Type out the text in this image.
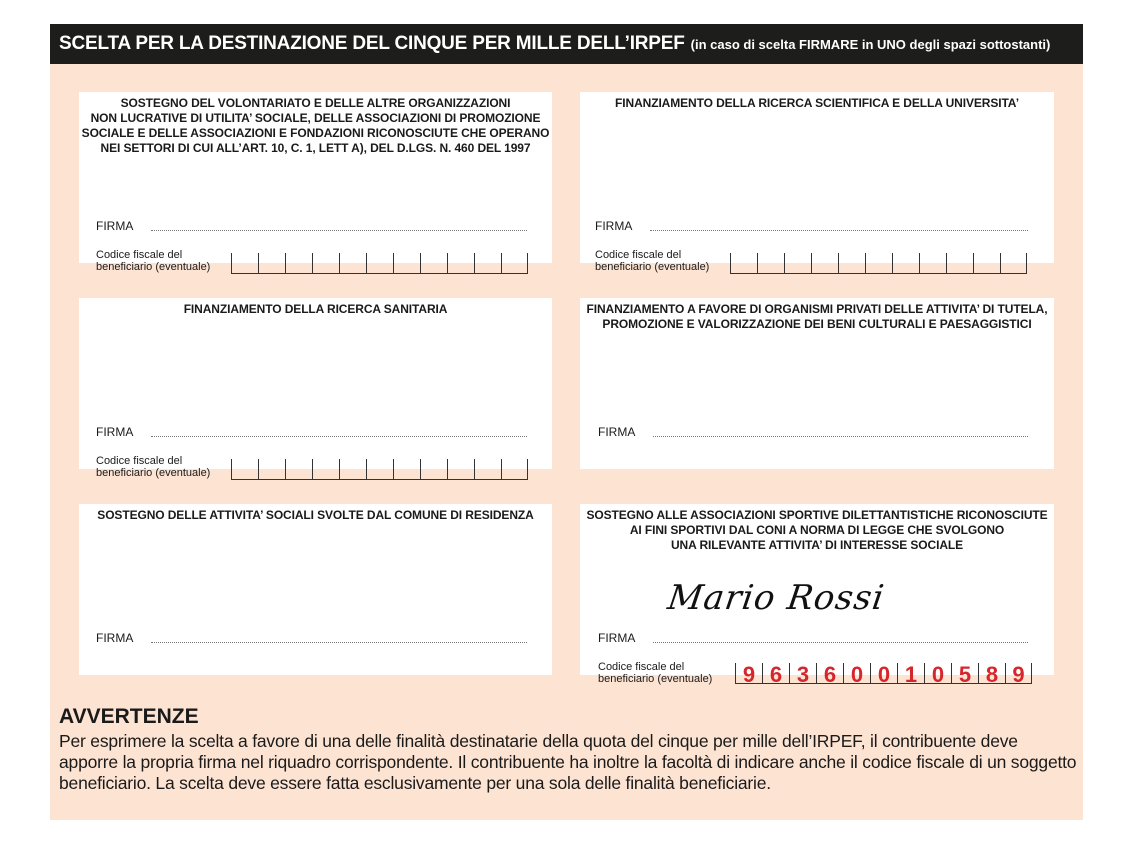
SCELTA PER LA DESTINAZIONE DEL CINQUE PER MILLE DELL’IRPEF (in caso di scelta FIRMARE in UNO degli spazi sottostanti)
SOSTEGNO DEL VOLONTARIATO E DELLE ALTRE ORGANIZZAZIONI
NON LUCRATIVE DI UTILITA’ SOCIALE, DELLE ASSOCIAZIONI DI PROMOZIONE
SOCIALE E DELLE ASSOCIAZIONI E FONDAZIONI RICONOSCIUTE CHE OPERANO
NEI SETTORI DI CUI ALL’ART. 10, C. 1, LETT A), DEL D.LGS. N. 460 DEL 1997
FIRMA
Codice fiscale del
beneficiario (eventuale)
FINANZIAMENTO DELLA RICERCA SCIENTIFICA E DELLA UNIVERSITA’
FIRMA
Codice fiscale del
beneficiario (eventuale)
FINANZIAMENTO DELLA RICERCA SANITARIA
FIRMA
Codice fiscale del
beneficiario (eventuale)
FINANZIAMENTO A FAVORE DI ORGANISMI PRIVATI DELLE ATTIVITA’ DI TUTELA,
PROMOZIONE E VALORIZZAZIONE DEI BENI CULTURALI E PAESAGGISTICI
FIRMA
SOSTEGNO DELLE ATTIVITA’ SOCIALI SVOLTE DAL COMUNE DI RESIDENZA
FIRMA
SOSTEGNO ALLE ASSOCIAZIONI SPORTIVE DILETTANTISTICHE RICONOSCIUTE
AI FINI SPORTIVI DAL CONI A NORMA DI LEGGE CHE SVOLGONO
UNA RILEVANTE ATTIVITA’ DI INTERESSE SOCIALE
Mario Rossi
FIRMA
Codice fiscale del
beneficiario (eventuale)	9 6 3 6 0 0 1 0 5 8 9
AVVERTENZE
Per esprimere la scelta a favore di una delle finalità destinatarie della quota del cinque per mille dell’IRPEF, il contribuente deve apporre la propria firma nel riquadro corrispondente. Il contribuente ha inoltre la facoltà di indicare anche il codice fiscale di un soggetto beneficiario. La scelta deve essere fatta esclusivamente per una sola delle finalità beneficiarie.
